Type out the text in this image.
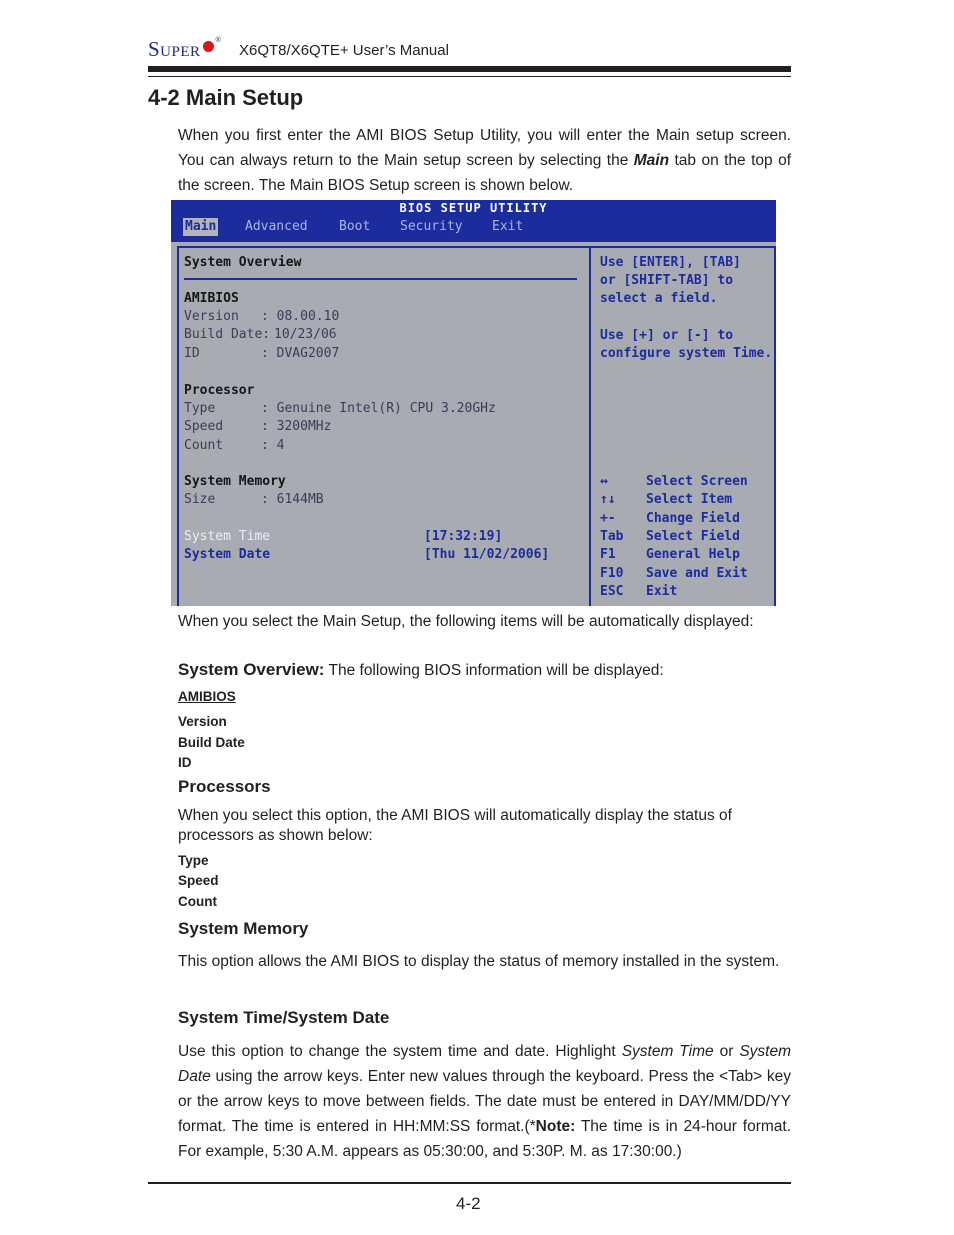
Super ®
X6QT8/X6QTE+ User’s Manual
4-2 Main Setup
When you first enter the AMI BIOS Setup Utility, you will enter the Main setup screen. You can always return to the Main setup screen by selecting the Main tab on the top of the screen. The Main BIOS Setup screen is shown below.
BIOS SETUP UTILITY
Main Advanced Boot Security Exit
System Overview
AMIBIOS
Version : 08.00.10
Build Date: 10/23/06
ID	: DVAG2007
Processor
Type	: Genuine Intel(R) CPU 3.20GHz
Speed	: 3200MHz
Count	: 4
System Memory
Size	: 6144MB
System Time	[17:32:19]
System Date	[Thu 11/02/2006]
Use [ENTER], [TAB]
or [SHIFT-TAB] to
select a field.
Use [+] or [-] to
configure system Time.
↔	Select Screen
↑↓ Select Item
+- Change Field
Tab Select Field
F1 General Help
F10 Save and Exit
ESC Exit
When you select the Main Setup, the following items will be automatically displayed:
System Overview: The following BIOS information will be displayed:
AMIBIOS
Version
Build Date
ID
Processors
When you select this option, the AMI BIOS will automatically display the status of processors as shown below:
Type
Speed
Count
System Memory
This option allows the AMI BIOS to display the status of memory installed in the system.
System Time/System Date
Use this option to change the system time and date. Highlight System Time or System Date using the arrow keys. Enter new values through the keyboard. Press the <Tab> key or the arrow keys to move between fields. The date must be entered in DAY/MM/DD/YY format. The time is entered in HH:MM:SS format.(*Note: The time is in 24-hour format. For example, 5:30 A.M. appears as 05:30:00, and 5:30P. M. as 17:30:00.)
4-2
